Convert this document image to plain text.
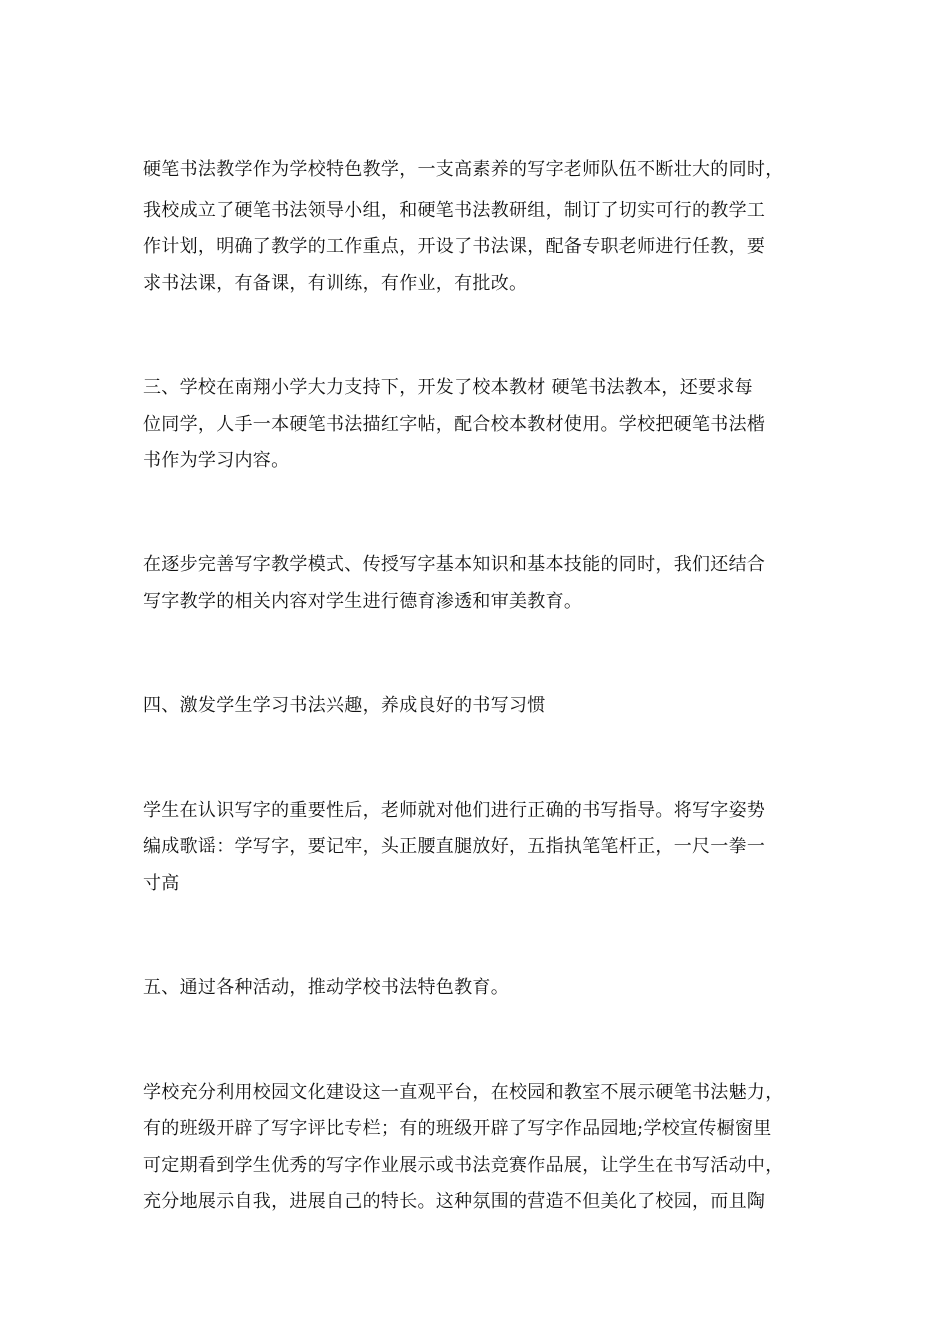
硬笔书法教学作为学校特色教学，一支高素养的写字老师队伍不断壮大的同时，

我校成立了硬笔书法领导小组，和硬笔书法教研组，制订了切实可行的教学工

作计划，明确了教学的工作重点，开设了书法课，配备专职老师进行任教，要

求书法课，有备课，有训练，有作业，有批改。

三、学校在南翔小学大力支持下，开发了校本教材 硬笔书法教本，还要求每

位同学，人手一本硬笔书法描红字帖，配合校本教材使用。学校把硬笔书法楷

书作为学习内容。

在逐步完善写字教学模式、传授写字基本知识和基本技能的同时，我们还结合

写字教学的相关内容对学生进行德育渗透和审美教育。

四、激发学生学习书法兴趣，养成良好的书写习惯

学生在认识写字的重要性后，老师就对他们进行正确的书写指导。将写字姿势

编成歌谣：学写字，要记牢，头正腰直腿放好，五指执笔笔杆正，一尺一拳一

寸高

五、通过各种活动，推动学校书法特色教育。

学校充分利用校园文化建设这一直观平台，在校园和教室不展示硬笔书法魅力，

有的班级开辟了写字评比专栏；有的班级开辟了写字作品园地;学校宣传橱窗里

可定期看到学生优秀的写字作业展示或书法竞赛作品展，让学生在书写活动中，

充分地展示自我，进展自己的特长。这种氛围的营造不但美化了校园，而且陶
